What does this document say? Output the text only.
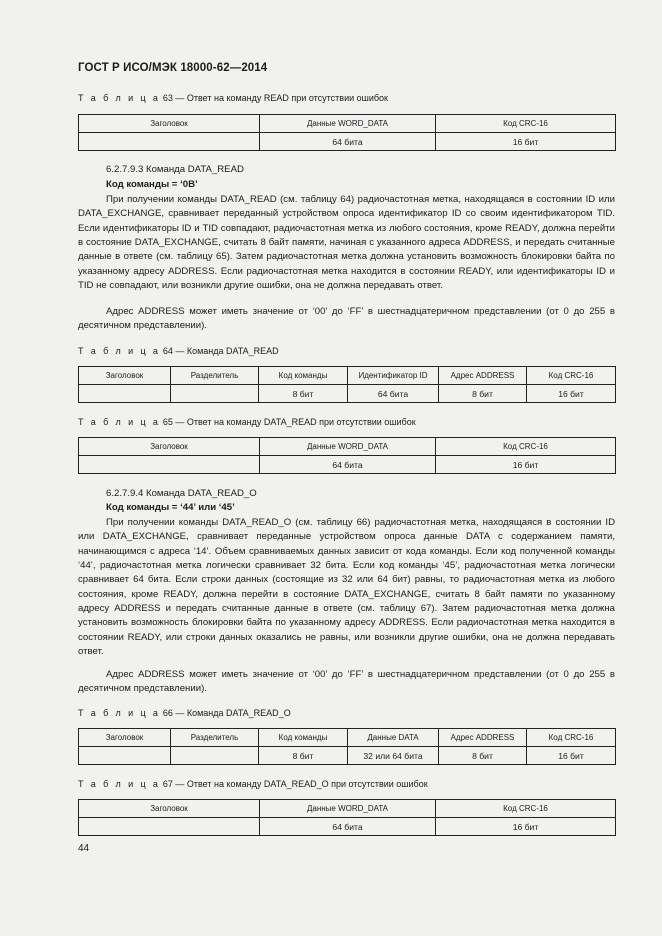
ГОСТ Р ИСО/МЭК 18000-62—2014
Т а б л и ц а 63 — Ответ на команду READ при отсутствии ошибок
Заголовок	Данные WORD_DATA	Код CRC-16
	64 бита	16 бит
6.2.7.9.3 Команда DATA_READ
Код команды = ‘0B’

При получении команды DATA_READ (см. таблицу 64) радиочастотная метка, находящаяся в состоянии ID или DATA_EXCHANGE, сравнивает переданный устройством опроса идентификатор ID со своим идентификатором TID. Если идентификаторы ID и TID совпадают, радиочастотная метка из любого состояния, кроме READY, должна перейти в состояние DATA_EXCHANGE, считать 8 байт памяти, начиная с указанного адреса ADDRESS, и передать считанные данные в ответе (см. таблицу 65). Затем радиочастотная метка должна установить возможность блокировки байта по указанному адресу ADDRESS. Если радиочастотная метка находится в состоянии READY, или идентификаторы ID и TID не совпадают, или возникли другие ошибки, она не должна передавать ответ.

Адрес ADDRESS может иметь значение от ‘00’ до ‘FF’ в шестнадцатеричном представлении (от 0 до 255 в десятичном представлении).

Т а б л и ц а 64 — Команда DATA_READ
Заголовок	Разделитель	Код команды	Идентификатор ID	Адрес ADDRESS	Код CRC-16
		8 бит	64 бита	8 бит	16 бит
Т а б л и ц а 65 — Ответ на команду DATA_READ при отсутствии ошибок
Заголовок	Данные WORD_DATA	Код CRC-16
	64 бита	16 бит
6.2.7.9.4 Команда DATA_READ_O
Код команды = ‘44’ или ‘45’

При получении команды DATA_READ_O (см. таблицу 66) радиочастотная метка, находящаяся в состоянии ID или DATA_EXCHANGE, сравнивает переданные устройством опроса данные DATA с содержанием памяти, начинающимся с адреса ‘14’. Объем сравниваемых данных зависит от кода команды. Если код полученной команды ‘44’, радиочастотная метка логически сравнивает 32 бита. Если код команды ‘45’, радиочастотная метка логически сравнивает 64 бита. Если строки данных (состоящие из 32 или 64 бит) равны, то радиочастотная метка из любого состояния, кроме READY, должна перейти в состояние DATA_EXCHANGE, считать 8 байт памяти по указанному адресу ADDRESS и передать считанные данные в ответе (см. таблицу 67). Затем радиочастотная метка должна установить возможность блокировки байта по указанному адресу ADDRESS. Если радиочастотная метка находится в состоянии READY, или строки данных оказались не равны, или возникли другие ошибки, она не должна передавать ответ.

Адрес ADDRESS может иметь значение от ‘00’ до ‘FF’ в шестнадцатеричном представлении (от 0 до 255 в десятичном представлении).

Т а б л и ц а 66 — Команда DATA_READ_O
Заголовок	Разделитель	Код команды	Данные DATA	Адрес ADDRESS	Код CRC-16
		8 бит	32 или 64 бита	8 бит	16 бит
Т а б л и ц а 67 — Ответ на команду DATA_READ_O при отсутствии ошибок
Заголовок	Данные WORD_DATA	Код CRC-16
	64 бита	16 бит
44
